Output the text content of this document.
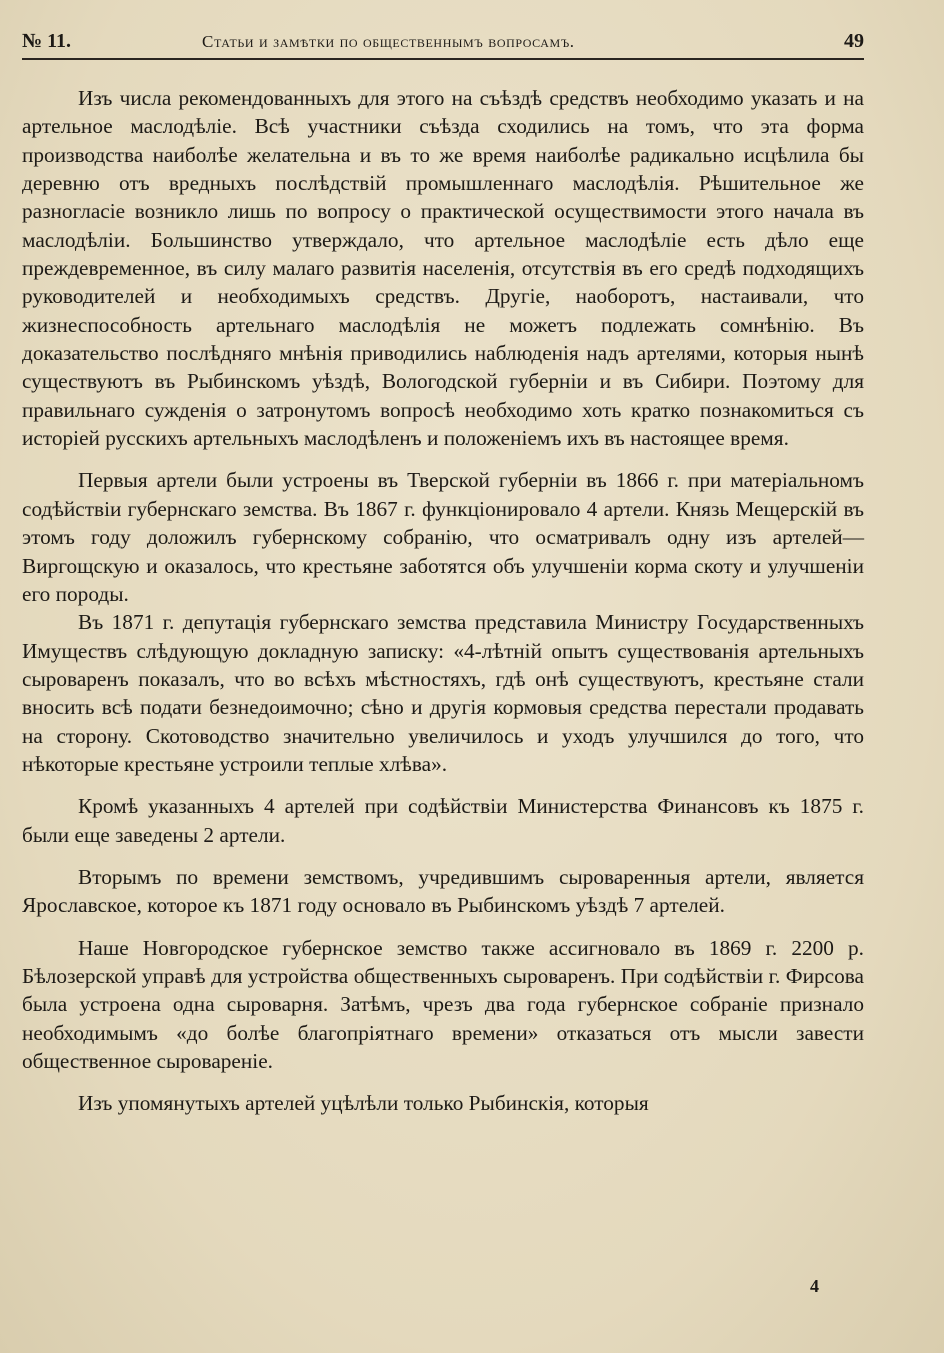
№ 11.	Статьи и замѣтки по общественнымъ вопросамъ.	49

Изъ числа рекомендованныхъ для этого на съѣздѣ средствъ необходимо указать и на артельное маслодѣліе. Всѣ участники съѣзда сходились на томъ, что эта форма производства наиболѣе желательна и въ то же время наиболѣе радикально исцѣлила бы деревню отъ вредныхъ послѣдствій промышленнаго маслодѣлія. Рѣшительное же разногласіе возникло лишь по вопросу о практической осуществимости этого начала въ маслодѣліи. Большинство утверждало, что артельное маслодѣліе есть дѣло еще преждевременное, въ силу малаго развитія населенія, отсутствія въ его средѣ подходящихъ руководителей и необходимыхъ средствъ. Другіе, наоборотъ, настаивали, что жизнеспособность артельнаго маслодѣлія не можетъ подлежать сомнѣнію. Въ доказательство послѣдняго мнѣнія приводились наблюденія надъ артелями, которыя нынѣ существуютъ въ Рыбинскомъ уѣздѣ, Вологодской губерніи и въ Сибири. Поэтому для правильнаго сужденія о затронутомъ вопросѣ необходимо хоть кратко познакомиться съ исторіей русскихъ артельныхъ маслодѣленъ и положеніемъ ихъ въ настоящее время.

Первыя артели были устроены въ Тверской губерніи въ 1866 г. при матеріальномъ содѣйствіи губернскаго земства. Въ 1867 г. функціонировало 4 артели. Князь Мещерскій въ этомъ году доложилъ губернскому собранію, что осматривалъ одну изъ артелей—Виргощскую и оказалось, что крестьяне заботятся объ улучшеніи корма скоту и улучшеніи его породы.

Въ 1871 г. депутація губернскаго земства представила Министру Государственныхъ Имуществъ слѣдующую докладную записку: «4-лѣтній опытъ существованія артельныхъ сыроваренъ показалъ, что во всѣхъ мѣстностяхъ, гдѣ онѣ существуютъ, крестьяне стали вносить всѣ подати безнедоимочно; сѣно и другія кормовыя средства перестали продавать на сторону. Скотоводство значительно увеличилось и уходъ улучшился до того, что нѣкоторые крестьяне устроили теплые хлѣва».

Кромѣ указанныхъ 4 артелей при содѣйствіи Министерства Финансовъ къ 1875 г. были еще заведены 2 артели.

Вторымъ по времени земствомъ, учредившимъ сыроваренныя артели, является Ярославское, которое къ 1871 году основало въ Рыбинскомъ уѣздѣ 7 артелей.

Наше Новгородское губернское земство также ассигновало въ 1869 г. 2200 р. Бѣлозерской управѣ для устройства общественныхъ сыроваренъ. При содѣйствіи г. Фирсова была устроена одна сыроварня. Затѣмъ, чрезъ два года губернское собраніе признало необходимымъ «до болѣе благопріятнаго времени» отказаться отъ мысли завести общественное сыровареніе.

Изъ упомянутыхъ артелей уцѣлѣли только Рыбинскія, которыя

4
